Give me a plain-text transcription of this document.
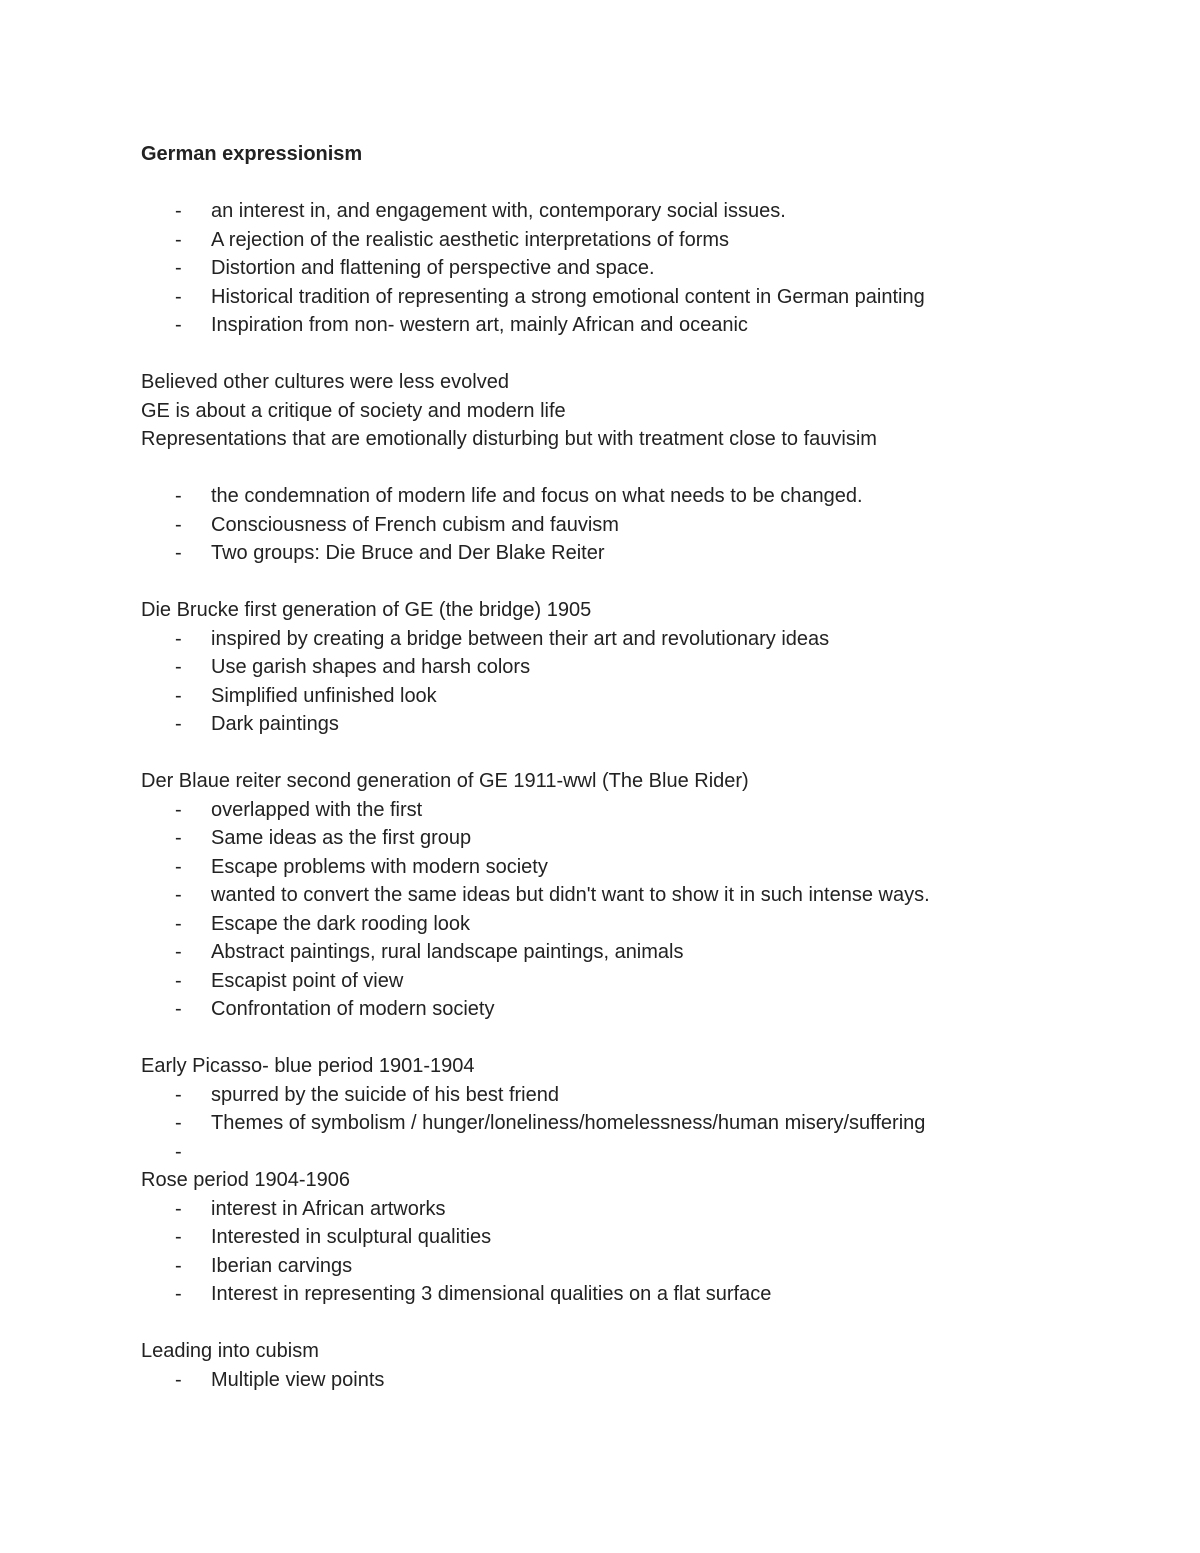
German expressionism
-	an interest in, and engagement with, contemporary social issues.
-	A rejection of the realistic aesthetic interpretations of forms
-	Distortion and flattening of perspective and space.
-	Historical tradition of representing a strong emotional content in German painting
-	Inspiration from non- western art, mainly African and oceanic
Believed other cultures were less evolved
GE is about a critique of society and modern life
Representations that are emotionally disturbing but with treatment close to fauvisim
-	the condemnation of modern life and focus on what needs to be changed.
-	Consciousness of French cubism and fauvism
-	Two groups: Die Bruce and Der Blake Reiter
Die Brucke first generation of GE (the bridge) 1905
-	inspired by creating a bridge between their art and revolutionary ideas
-	Use garish shapes and harsh colors
-	Simplified unfinished look
-	Dark paintings
Der Blaue reiter second generation of GE 1911-wwl (The Blue Rider)
-	overlapped with the first
-	Same ideas as the first group
-	Escape problems with modern society
-	wanted to convert the same ideas but didn't want to show it in such intense ways.
-	Escape the dark rooding look
-	Abstract paintings, rural landscape paintings, animals
-	Escapist point of view
-	Confrontation of modern society
Early Picasso- blue period 1901-1904
-	spurred by the suicide of his best friend
-	Themes of symbolism / hunger/loneliness/homelessness/human misery/suffering
-
Rose period 1904-1906
-	interest in African artworks
-	Interested in sculptural qualities
-	Iberian carvings
-	Interest in representing 3 dimensional qualities on a flat surface
Leading into cubism
-	Multiple view points
